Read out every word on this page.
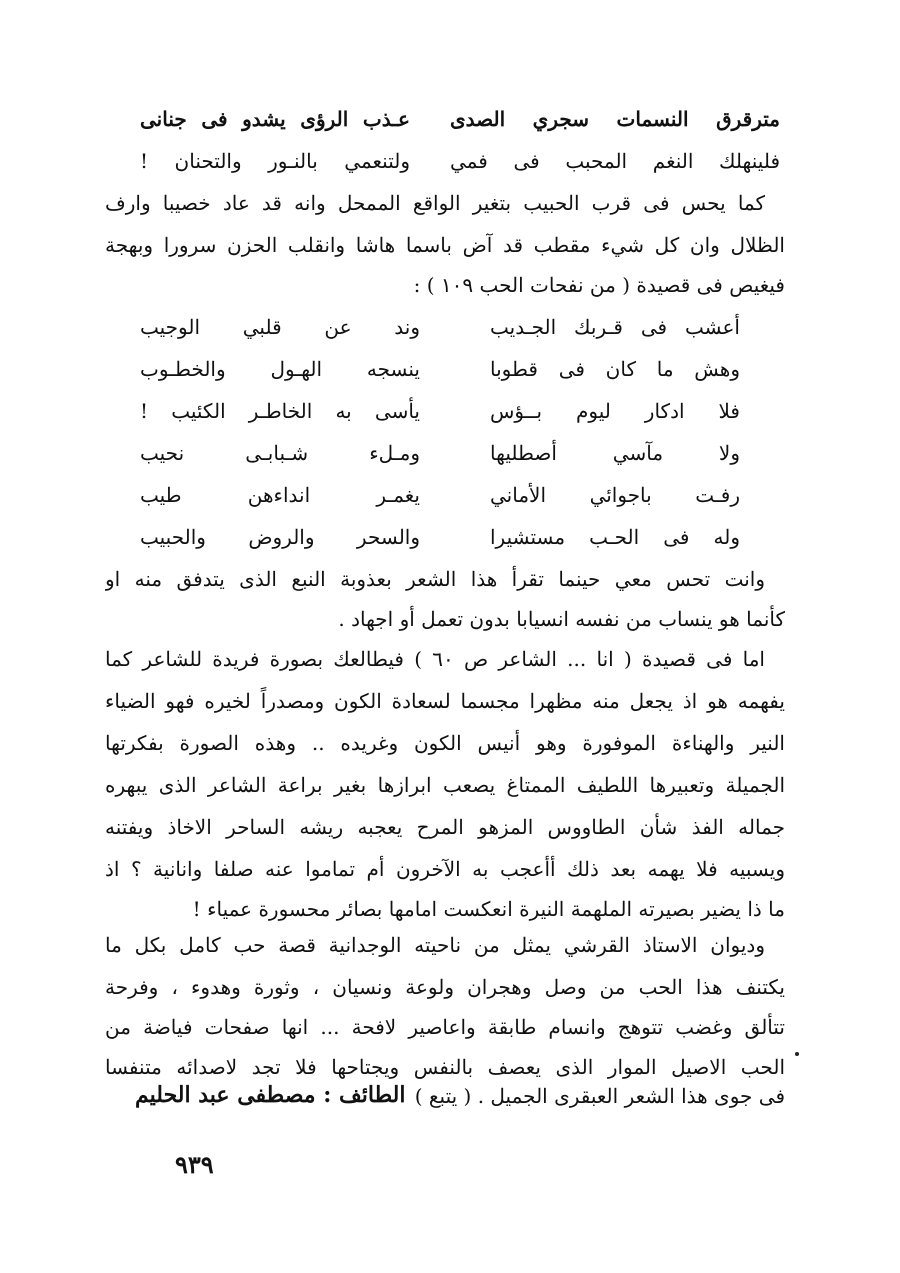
مترقرق النسمات سجري الصدى
عـذب الرؤى يشدو فى جنانى
فلينهلك النغم المحبب فى فمي
ولتنعمي بالنـور والتحنان !
كما يحس فى قرب الحبيب بتغير الواقع الممحل وانه قد عاد خصيبا وارف
الظلال وان كل شيء مقطب قد آض باسما هاشا وانقلب الحزن سرورا وبهجة
فيغيص فى قصيدة ( من نفحات الحب ١٠٩ ) :
أعشب فى قـربك الجـديب
وند عن قلبي الوجيب
وهش ما كان فى قطوبا
ينسجه الهـول والخطـوب
فلا ادكار ليوم بــؤس
يأسى به الخاطـر الكئيب !
ولا مآسي أصطليها
ومـلء شـبابـى نحيب
رفـت باجوائي الأماني
يغمـر انداءهن طيب
وله فى الحـب مستشيرا
والسحر والروض والحبيب
وانت تحس معي حينما تقرأ هذا الشعر بعذوبة النبع الذى يتدفق منه او
كأنما هو ينساب من نفسه انسيابا بدون تعمل أو اجهاد .
اما فى قصيدة ( انا ... الشاعر ص ٦٠ ) فيطالعك بصورة فريدة للشاعر كما
يفهمه هو اذ يجعل منه مظهرا مجسما لسعادة الكون ومصدراً لخيره فهو الضياء
النير والهناءة الموفورة وهو أنيس الكون وغريده .. وهذه الصورة بفكرتها
الجميلة وتعبيرها اللطيف الممتاغ يصعب ابرازها بغير براعة الشاعر الذى يبهره
جماله الفذ شأن الطاووس المزهو المرح يعجبه ريشه الساحر الاخاذ ويفتنه
ويسبيه فلا يهمه بعد ذلك أأعجب به الآخرون أم تماموا عنه صلفا وانانية ؟ اذ
ما ذا يضير بصيرته الملهمة النيرة انعكست امامها بصائر محسورة عمياء !
وديوان الاستاذ القرشي يمثل من ناحيته الوجدانية قصة حب كامل بكل ما
يكتنف هذا الحب من وصل وهجران ولوعة ونسيان ، وثورة وهدوء ، وفرحة
تتألق وغضب تتوهج وانسام طابقة واعاصير لافحة ... انها صفحات فياضة من
الحب الاصيل الموار الذى يعصف بالنفس ويجتاحها فلا تجد لاصدائه متنفسا
فى جوى هذا الشعر العبقرى الجميل . ( يتبع )
الطائف : مصطفى عبد الحليم
٩٣٩
